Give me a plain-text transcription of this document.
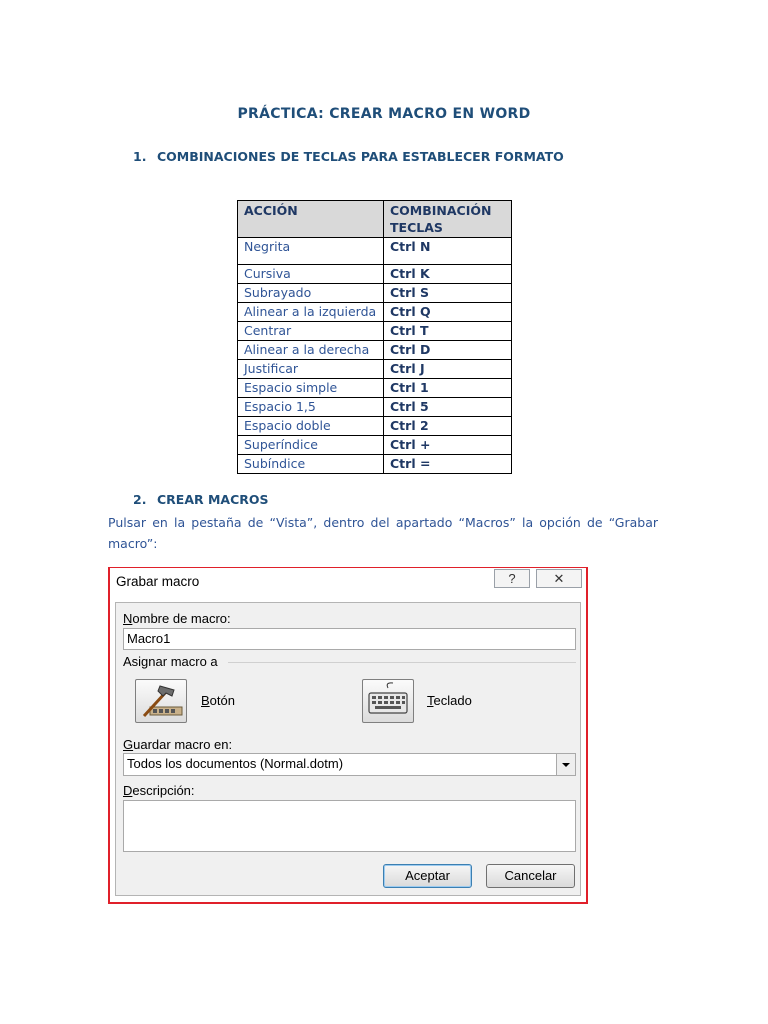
PRÁCTICA: CREAR MACRO EN WORD
1. COMBINACIONES DE TECLAS PARA ESTABLECER FORMATO
ACCIÓN	COMBINACIÓN TECLAS
Negrita	Ctrl N
Cursiva	Ctrl K
Subrayado	Ctrl S
Alinear a la izquierda	Ctrl Q
Centrar	Ctrl T
Alinear a la derecha	Ctrl D
Justificar	Ctrl J
Espacio simple	Ctrl 1
Espacio 1,5	Ctrl 5
Espacio doble	Ctrl 2
Superíndice	Ctrl +
Subíndice	Ctrl =
2. CREAR MACROS
Pulsar en la pestaña de “Vista”, dentro del apartado “Macros” la opción de “Grabar macro”:
Grabar macro	?	✕
Nombre de macro:
Macro1
Asignar macro a
Botón	Teclado
Guardar macro en:
Todos los documentos (Normal.dotm)
Descripción:
Aceptar	Cancelar
